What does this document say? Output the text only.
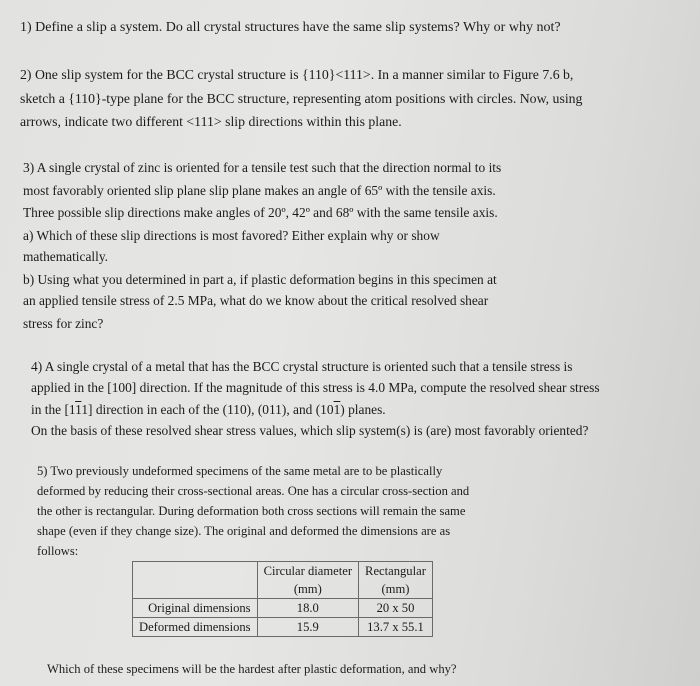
1) Define a slip a system. Do all crystal structures have the same slip systems? Why or why not?
2) One slip system for the BCC crystal structure is {110}<111>. In a manner similar to Figure 7.6 b,
sketch a {110}-type plane for the BCC structure, representing atom positions with circles. Now, using
arrows, indicate two different <111> slip directions within this plane.
3) A single crystal of zinc is oriented for a tensile test such that the direction normal to its
most favorably oriented slip plane slip plane makes an angle of 65º with the tensile axis.
Three possible slip directions make angles of 20º, 42º and 68º with the same tensile axis.
a) Which of these slip directions is most favored? Either explain why or show
mathematically.
b) Using what you determined in part a, if plastic deformation begins in this specimen at
an applied tensile stress of 2.5 MPa, what do we know about the critical resolved shear
stress for zinc?
4) A single crystal of a metal that has the BCC crystal structure is oriented such that a tensile stress is
applied in the [100] direction. If the magnitude of this stress is 4.0 MPa, compute the resolved shear stress
in the [111] direction in each of the (110), (011), and (101) planes.
On the basis of these resolved shear stress values, which slip system(s) is (are) most favorably oriented?
5) Two previously undeformed specimens of the same metal are to be plastically
deformed by reducing their cross-sectional areas. One has a circular cross-section and
the other is rectangular. During deformation both cross sections will remain the same
shape (even if they change size). The original and deformed the dimensions are as
follows:
	Circular diameter	Rectangular
	(mm)	(mm)
Original dimensions	18.0	20 x 50
Deformed dimensions	15.9	13.7 x 55.1
Which of these specimens will be the hardest after plastic deformation, and why?
